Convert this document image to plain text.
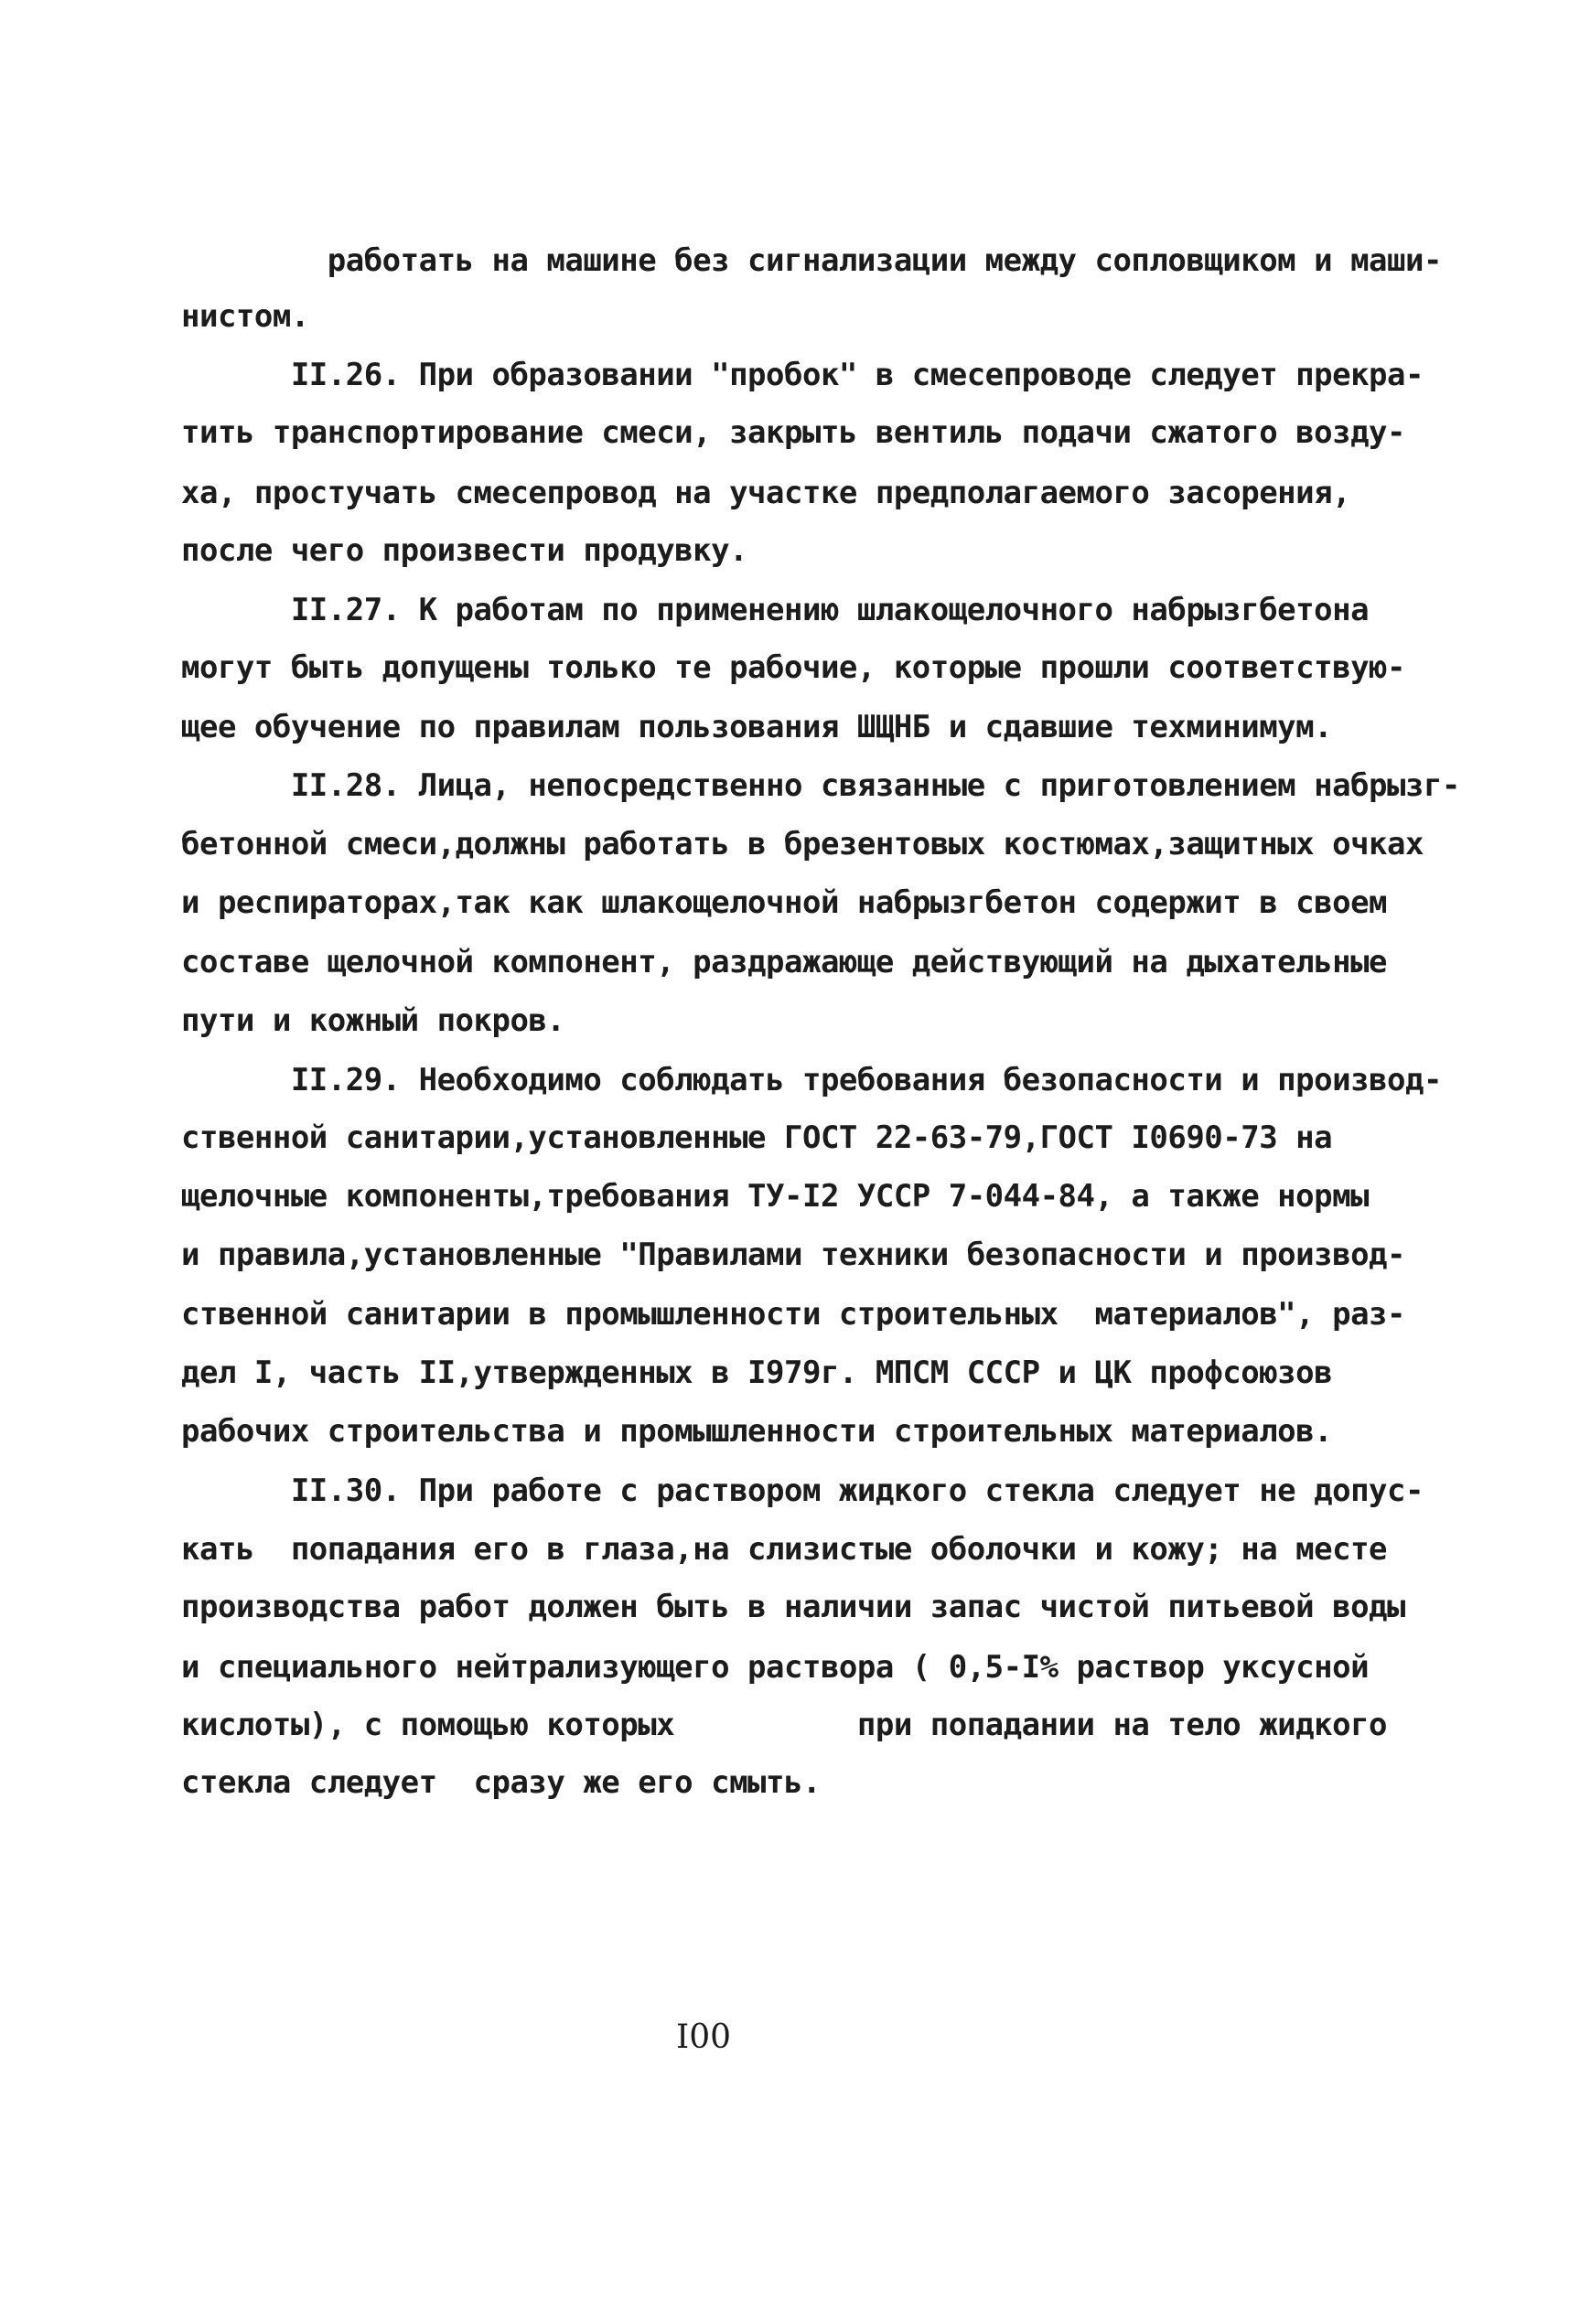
работать на машине без сигнализации между сопловщиком и маши-
нистом.
II.26. При образовании "пробок" в смесепроводе следует прекра-
тить транспортирование смеси, закрыть вентиль подачи сжатого возду-
ха, простучать смесепровод на участке предполагаемого засорения,
после чего произвести продувку.
II.27. К работам по применению шлакощелочного набрызгбетона
могут быть допущены только те рабочие, которые прошли соответствую-
щее обучение по правилам пользования ШЩНБ и сдавшие техминимум.
II.28. Лица, непосредственно связанные с приготовлением набрызг-
бетонной смеси,должны работать в брезентовых костюмах,защитных очках
и респираторах,так как шлакощелочной набрызгбетон содержит в своем
составе щелочной компонент, раздражающе действующий на дыхательные
пути и кожный покров.
II.29. Необходимо соблюдать требования безопасности и производ-
ственной санитарии,установленные ГОСТ 22-63-79,ГОСТ I0690-73 на
щелочные компоненты,требования ТУ-I2 УССР 7-044-84, а также нормы
и правила,установленные "Правилами техники безопасности и производ-
ственной санитарии в промышленности строительных  материалов", раз-
дел I, часть II,утвержденных в I979г. МПСМ СССР и ЦК профсоюзов
рабочих строительства и промышленности строительных материалов.
II.30. При работе с раствором жидкого стекла следует не допус-
кать  попадания его в глаза,на слизистые оболочки и кожу; на месте
производства работ должен быть в наличии запас чистой питьевой воды
и специального нейтрализующего раствора ( 0,5-I% раствор уксусной
кислоты), с помощью которых          при попадании на тело жидкого
стекла следует  сразу же его смыть.
I00
